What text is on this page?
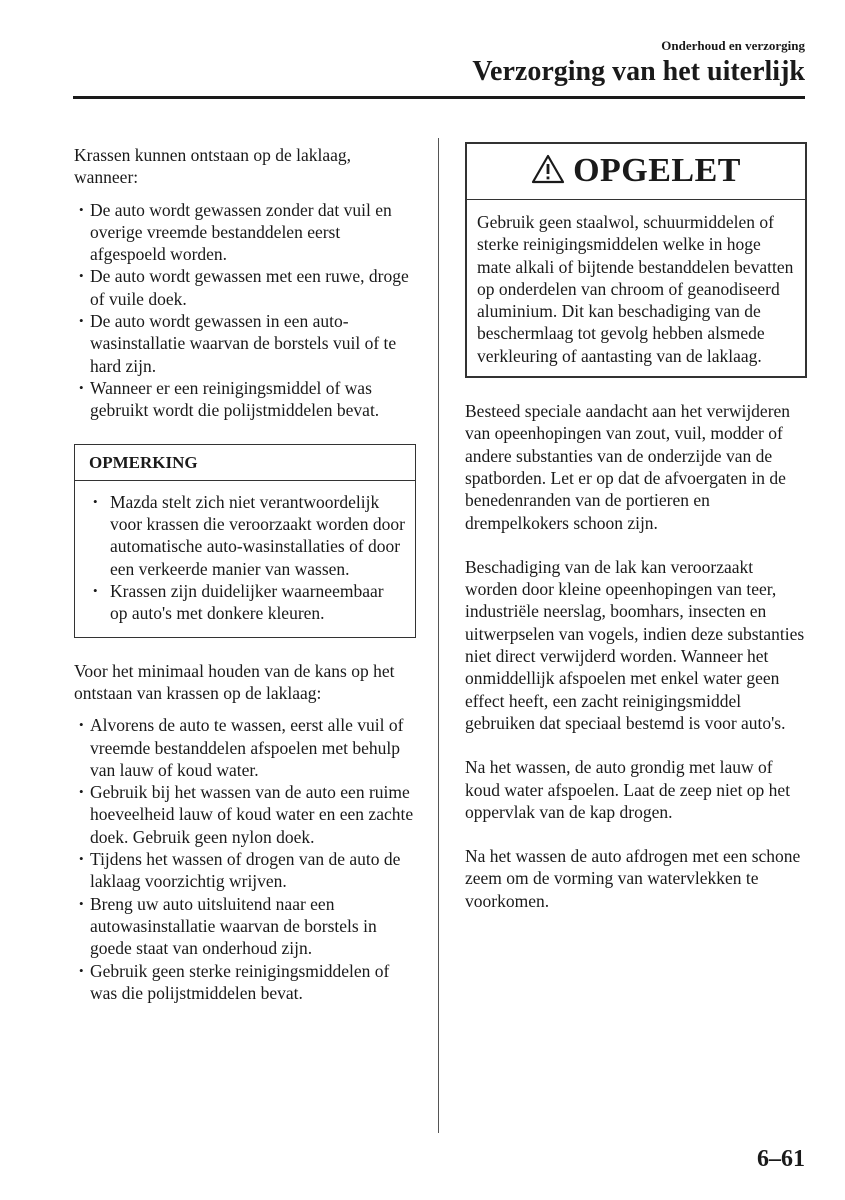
Onderhoud en verzorging
Verzorging van het uiterlijk

Krassen kunnen ontstaan op de laklaag, wanneer:

• De auto wordt gewassen zonder dat vuil en overige vreemde bestanddelen eerst afgespoeld worden.
• De auto wordt gewassen met een ruwe, droge of vuile doek.
• De auto wordt gewassen in een autowasinstallatie waarvan de borstels vuil of te hard zijn.
• Wanneer er een reinigingsmiddel of was gebruikt wordt die polijstmiddelen bevat.
OPMERKING
• Mazda stelt zich niet verantwoordelijk voor krassen die veroorzaakt worden door automatische auto-wasinstallaties of door een verkeerde manier van wassen.
• Krassen zijn duidelijker waarneembaar op auto's met donkere kleuren.

Voor het minimaal houden van de kans op het ontstaan van krassen op de laklaag:

• Alvorens de auto te wassen, eerst alle vuil of vreemde bestanddelen afspoelen met behulp van lauw of koud water.
• Gebruik bij het wassen van de auto een ruime hoeveelheid lauw of koud water en een zachte doek. Gebruik geen nylon doek.
• Tijdens het wassen of drogen van de auto de laklaag voorzichtig wrijven.
• Breng uw auto uitsluitend naar een autowasinstallatie waarvan de borstels in goede staat van onderhoud zijn.
• Gebruik geen sterke reinigingsmiddelen of was die polijstmiddelen bevat.
OPGELET
Gebruik geen staalwol, schuurmiddelen of sterke reinigingsmiddelen welke in hoge mate alkali of bijtende bestanddelen bevatten op onderdelen van chroom of geanodiseerd aluminium. Dit kan beschadiging van de beschermlaag tot gevolg hebben alsmede verkleuring of aantasting van de laklaag.

Besteed speciale aandacht aan het verwijderen van opeenhopingen van zout, vuil, modder of andere substanties van de onderzijde van de spatborden. Let er op dat de afvoergaten in de benedenranden van de portieren en drempelkokers schoon zijn.

Beschadiging van de lak kan veroorzaakt worden door kleine opeenhopingen van teer, industriële neerslag, boomhars, insecten en uitwerpselen van vogels, indien deze substanties niet direct verwijderd worden. Wanneer het onmiddellijk afspoelen met enkel water geen effect heeft, een zacht reinigingsmiddel gebruiken dat speciaal bestemd is voor auto's.

Na het wassen, de auto grondig met lauw of koud water afspoelen. Laat de zeep niet op het oppervlak van de kap drogen.

Na het wassen de auto afdrogen met een schone zeem om de vorming van watervlekken te voorkomen.

6–61
